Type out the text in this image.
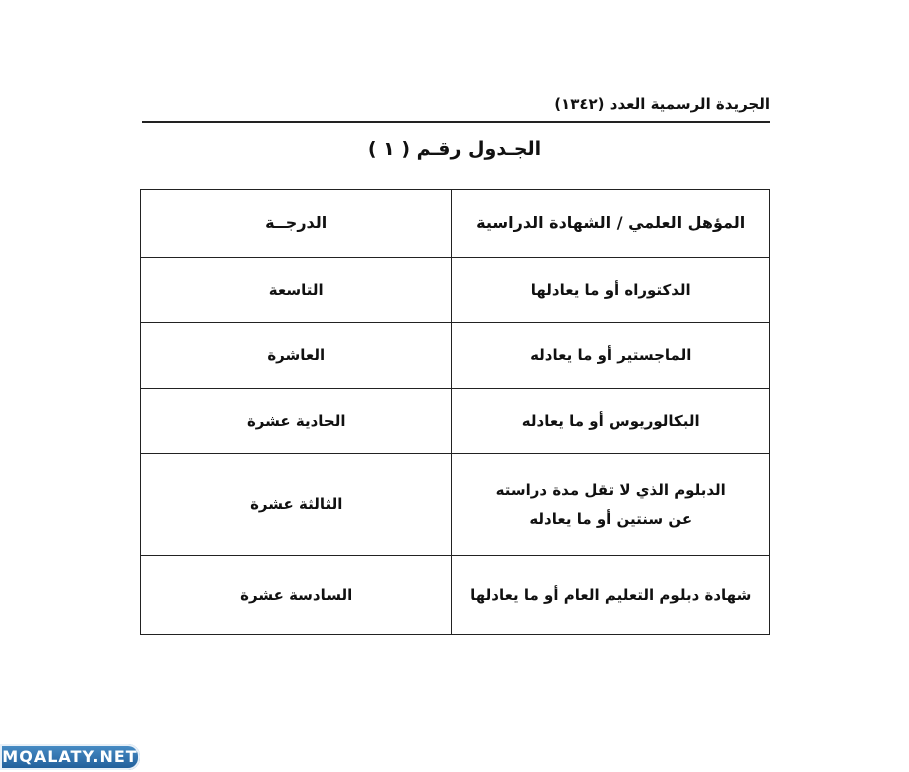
الجريدة الرسمية العدد (١٣٤٢)
الجـدول رقـم ( ١ )
المؤهل العلمي / الشهادة الدراسية	الدرجــة

الدكتوراه أو ما يعادلها	التاسعة

الماجستير أو ما يعادله	العاشرة

البكالوريوس أو ما يعادله	الحادية عشرة

الدبلوم الذي لا تقل مدة دراسته
عن سنتين أو ما يعادله	الثالثة عشرة

شهادة دبلوم التعليم العام أو ما يعادلها	السادسة عشرة
MQALATY.NET
